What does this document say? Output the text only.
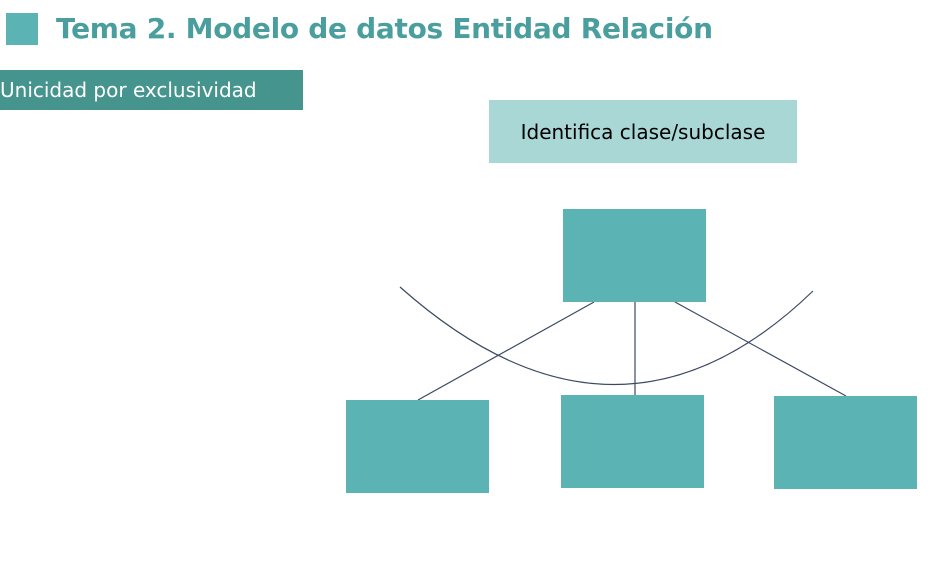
Tema 2. Modelo de datos Entidad Relación
Unicidad por exclusividad
Identifica clase/subclase
